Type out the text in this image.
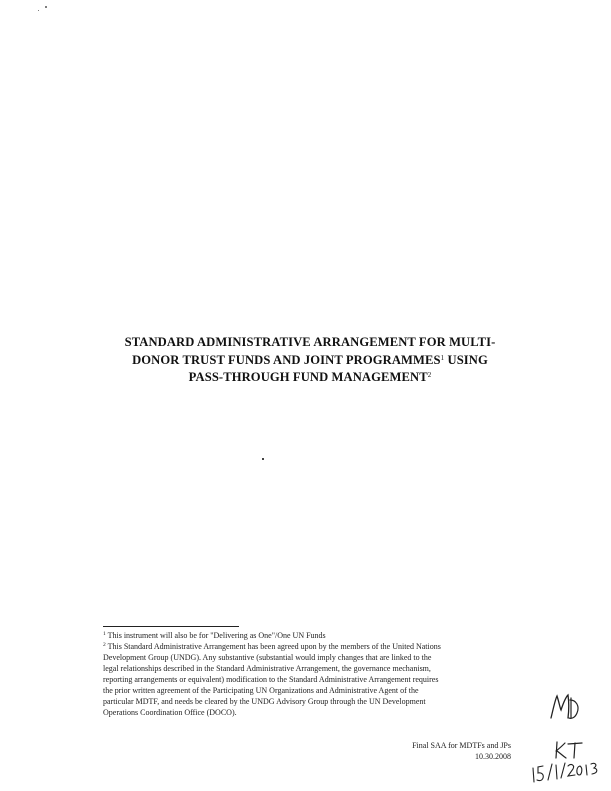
STANDARD ADMINISTRATIVE ARRANGEMENT FOR MULTI-
DONOR TRUST FUNDS AND JOINT PROGRAMMES$^1$ USING
PASS-THROUGH FUND MANAGEMENT$^2$
$^1$ This instrument will also be for "Delivering as One"/One UN Funds
$^2$ This Standard Administrative Arrangement has been agreed upon by the members of the United Nations
Development Group (UNDG). Any substantive (substantial would imply changes that are linked to the
legal relationships described in the Standard Administrative Arrangement, the governance mechanism,
reporting arrangements or equivalent) modification to the Standard Administrative Arrangement requires
the prior written agreement of the Participating UN Organizations and Administrative Agent of the
particular MDTF, and needs be cleared by the UNDG Advisory Group through the UN Development
Operations Coordination Office (DOCO).
Final SAA for MDTFs and JPs
10.30.2008
